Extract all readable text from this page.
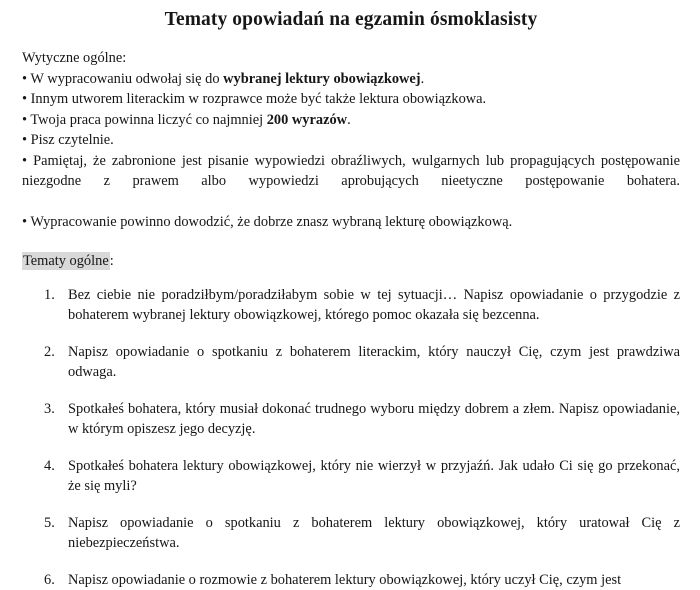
Tematy opowiadań na egzamin ósmoklasisty

Wytyczne ogólne:

• W wypracowaniu odwołaj się do wybranej lektury obowiązkowej.

• Innym utworem literackim w rozprawce może być także lektura obowiązkowa.

• Twoja praca powinna liczyć co najmniej 200 wyrazów.

• Pisz czytelnie.

• Pamiętaj, że zabronione jest pisanie wypowiedzi obraźliwych, wulgarnych lub propagujących postępowanie niezgodne z prawem albo wypowiedzi aprobujących nieetyczne postępowanie bohatera.

• Wypracowanie powinno dowodzić, że dobrze znasz wybraną lekturę obowiązkową.

Tematy ogólne:

1. Bez ciebie nie poradziłbym/poradziłabym sobie w tej sytuacji… Napisz opowiadanie o przygodzie z bohaterem wybranej lektury obowiązkowej, którego pomoc okazała się bezcenna.
2. Napisz opowiadanie o spotkaniu z bohaterem literackim, który nauczył Cię, czym jest prawdziwa odwaga.
3. Spotkałeś bohatera, który musiał dokonać trudnego wyboru między dobrem a złem. Napisz opowiadanie, w którym opiszesz jego decyzję.
4. Spotkałeś bohatera lektury obowiązkowej, który nie wierzył w przyjaźń. Jak udało Ci się go przekonać, że się myli?
5. Napisz opowiadanie o spotkaniu z bohaterem lektury obowiązkowej, który uratował Cię z niebezpieczeństwa.
6. Napisz opowiadanie o rozmowie z bohaterem lektury obowiązkowej, który uczył Cię, czym jest
